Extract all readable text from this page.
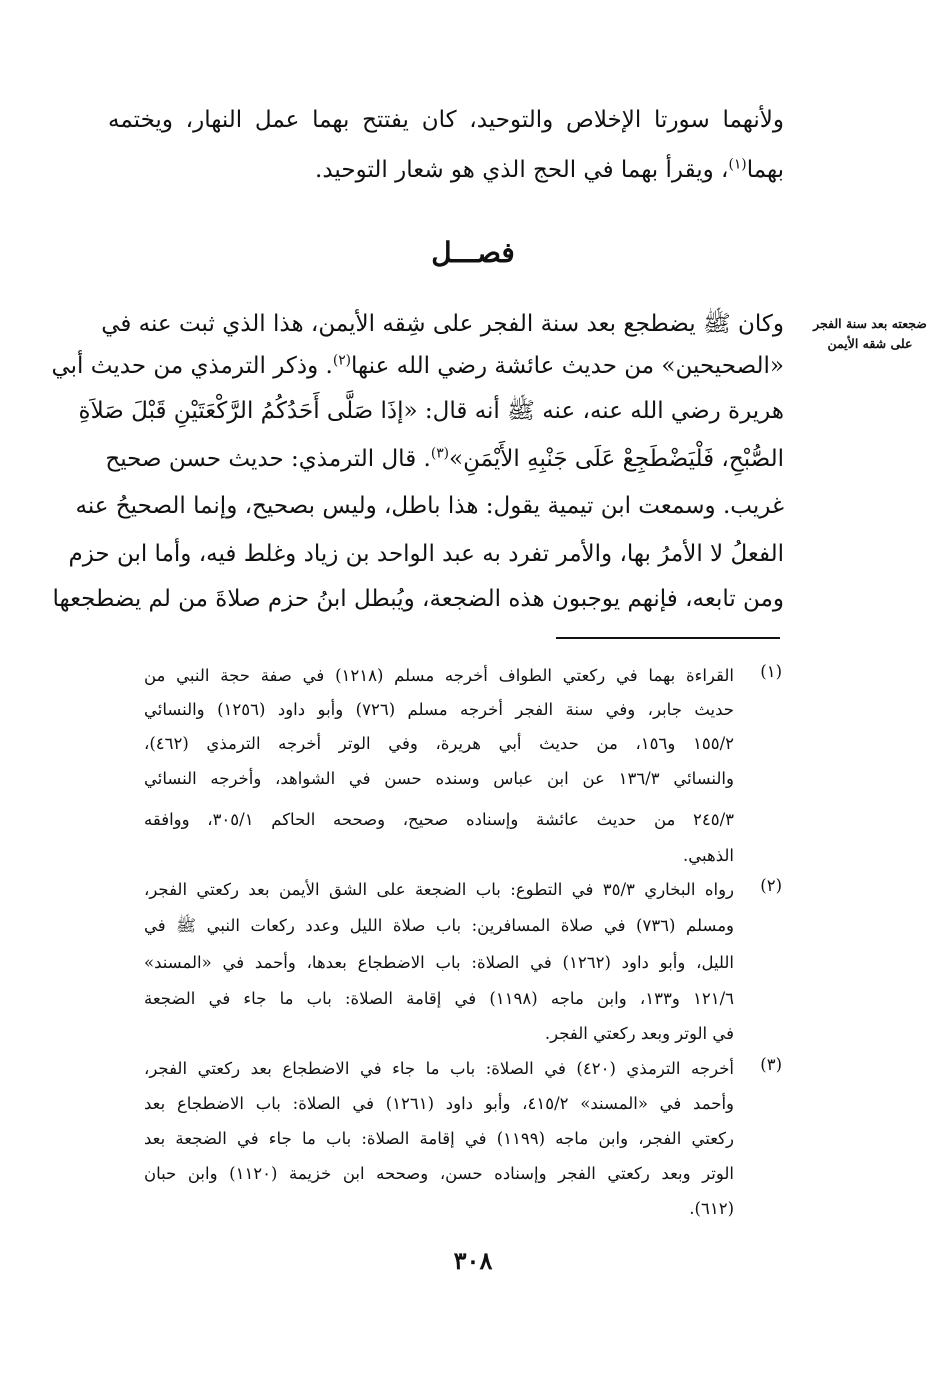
ولأنهما سورتا الإخلاص والتوحيد، كان يفتتح بهما عمل النهار، ويختمه
بهما$^{(١)}$، ويقرأ بهما في الحج الذي هو شعار التوحيد.
فصـــل
ضجعته بعد سنة الفجر
على شقه الأيمن
وكان ﷺ يضطجع بعد سنة الفجر على شِقه الأيمن، هذا الذي ثبت عنه في
«الصحيحين» من حديث عائشة رضي الله عنها$^{(٢)}$. وذكر الترمذي من حديث أبي
هريرة رضي الله عنه، عنه ﷺ أنه قال: «إذَا صَلَّى أَحَدُكُمُ الرَّكْعَتَيْنِ قَبْلَ صَلاَةِ
الصُّبْحِ، فَلْيَضْطَجِعْ عَلَى جَنْبِهِ الأَيْمَنِ»$^{(٣)}$. قال الترمذي: حديث حسن صحيح
غريب. وسمعت ابن تيمية يقول: هذا باطل، وليس بصحيح، وإنما الصحيحُ عنه
الفعلُ لا الأمرُ بها، والأمر تفرد به عبد الواحد بن زياد وغلط فيه، وأما ابن حزم
ومن تابعه، فإنهم يوجبون هذه الضجعة، ويُبطل ابنُ حزم صلاةَ من لم يضطجعها
(١)
القراءة بهما في ركعتي الطواف أخرجه مسلم (١٢١٨) في صفة حجة النبي من
حديث جابر، وفي سنة الفجر أخرجه مسلم (٧٢٦) وأبو داود (١٢٥٦) والنسائي
١٥٥/٢ و١٥٦، من حديث أبي هريرة، وفي الوتر أخرجه الترمذي (٤٦٢)،
والنسائي ١٣٦/٣ عن ابن عباس وسنده حسن في الشواهد، وأخرجه النسائي
٢٤٥/٣ من حديث عائشة وإسناده صحيح، وصححه الحاكم ٣٠٥/١، ووافقه
الذهبي.
(٢)
رواه البخاري ٣٥/٣ في التطوع: باب الضجعة على الشق الأيمن بعد ركعتي الفجر،
ومسلم (٧٣٦) في صلاة المسافرين: باب صلاة الليل وعدد ركعات النبي ﷺ في
الليل، وأبو داود (١٢٦٢) في الصلاة: باب الاضطجاع بعدها، وأحمد في «المسند»
١٢١/٦ و١٣٣، وابن ماجه (١١٩٨) في إقامة الصلاة: باب ما جاء في الضجعة
في الوتر وبعد ركعتي الفجر.
(٣)
أخرجه الترمذي (٤٢٠) في الصلاة: باب ما جاء في الاضطجاع بعد ركعتي الفجر،
وأحمد في «المسند» ٤١٥/٢، وأبو داود (١٢٦١) في الصلاة: باب الاضطجاع بعد
ركعتي الفجر، وابن ماجه (١١٩٩) في إقامة الصلاة: باب ما جاء في الضجعة بعد
الوتر وبعد ركعتي الفجر وإسناده حسن، وصححه ابن خزيمة (١١٢٠) وابن حبان
(٦١٢).
٣٠٨
